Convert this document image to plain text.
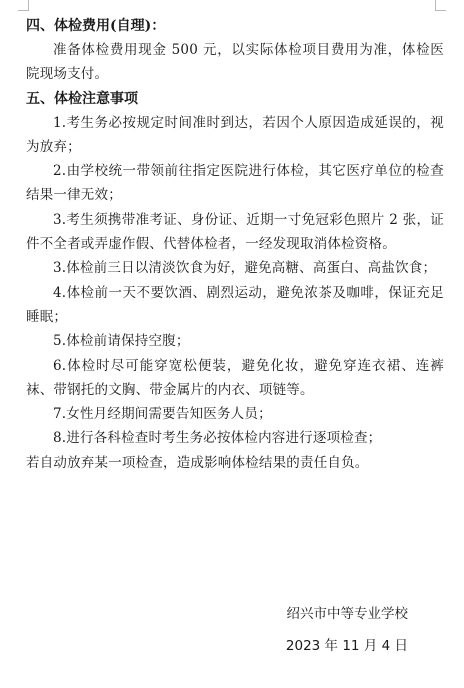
四、体检费用(自理)：

准备体检费用现金 500 元，以实际体检项目费用为准，体检医院现场支付。

五、体检注意事项

1.考生务必按规定时间准时到达，若因个人原因造成延误的，视为放弃；

2.由学校统一带领前往指定医院进行体检，其它医疗单位的检查结果一律无效；

3.考生须携带准考证、身份证、近期一寸免冠彩色照片 2 张，证件不全者或弄虚作假、代替体检者，一经发现取消体检资格。

3.体检前三日以清淡饮食为好，避免高糖、高蛋白、高盐饮食；

4.体检前一天不要饮酒、剧烈运动，避免浓茶及咖啡，保证充足睡眠；

5.体检前请保持空腹；

6.体检时尽可能穿宽松便装，避免化妆，避免穿连衣裙、连裤袜、带钢托的文胸、带金属片的内衣、项链等。

7.女性月经期间需要告知医务人员；

8.进行各科检查时考生务必按体检内容进行逐项检查；

若自动放弃某一项检查，造成影响体检结果的责任自负。

绍兴市中等专业学校
2023 年 11 月 4 日
